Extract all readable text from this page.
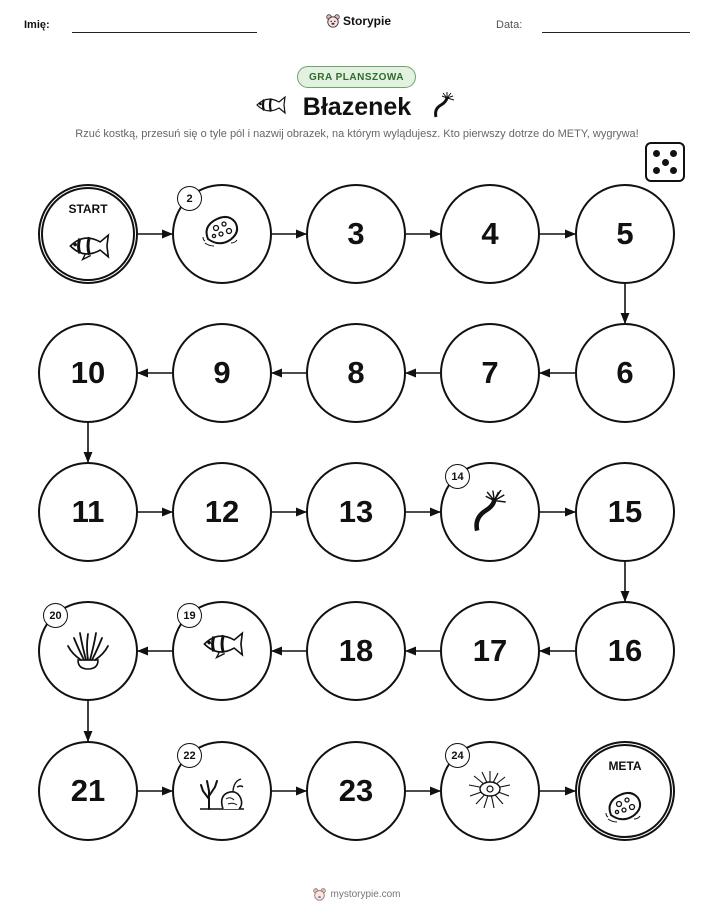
Imię:	Storypie	Data:
GRA PLANSZOWA
Błazenek
Rzuć kostką, przesuń się o tyle pól i nazwij obrazek, na którym wylądujesz. Kto pierwszy dotrze do METY, wygrywa!
START
2
3	4	5
6
7
8
9
10
11	12	13
14
15
16
17
18
19
20
21
22
23
24
META
mystorypie.com
